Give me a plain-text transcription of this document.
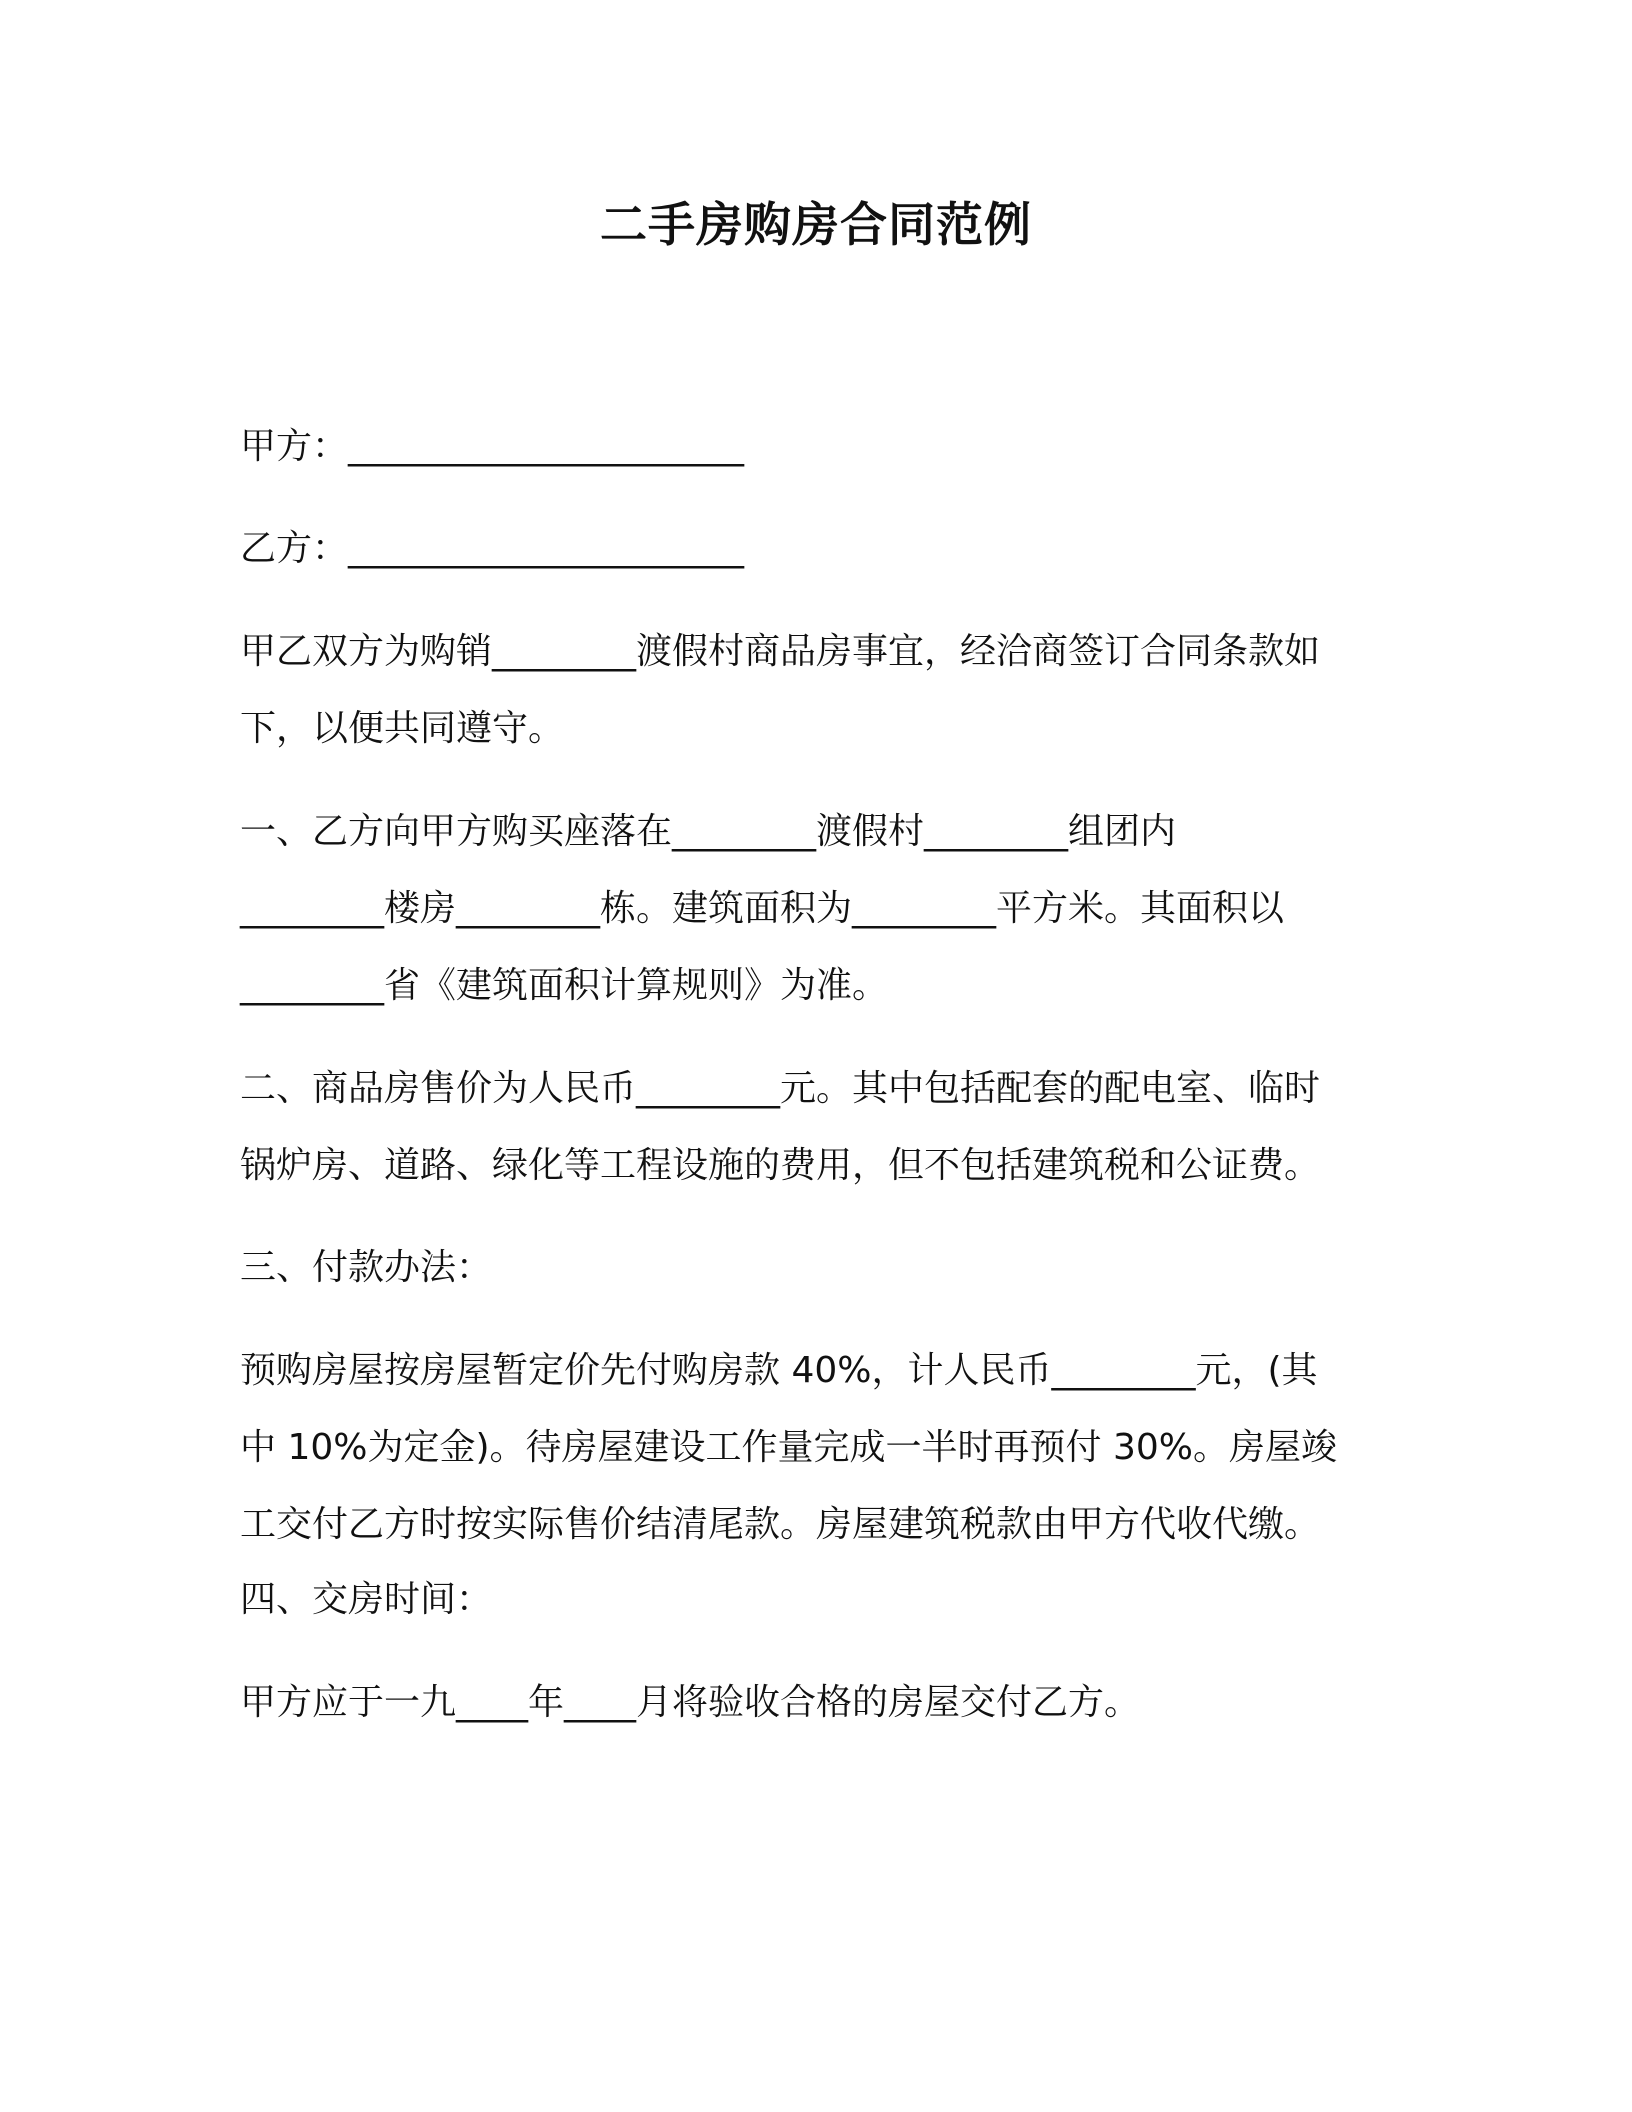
二手房购房合同范例

甲方：______________________

乙方：______________________

甲乙双方为购销________渡假村商品房事宜，经洽商签订合同条款如

下，以便共同遵守。

一、乙方向甲方购买座落在________渡假村________组团内

________楼房________栋。建筑面积为________平方米。其面积以

________省《建筑面积计算规则》为准。

二、商品房售价为人民币________元。其中包括配套的配电室、临时

锅炉房、道路、绿化等工程设施的费用，但不包括建筑税和公证费。

三、付款办法：

预购房屋按房屋暂定价先付购房款 40%，计人民币________元，(其

中 10%为定金)。待房屋建设工作量完成一半时再预付 30%。房屋竣

工交付乙方时按实际售价结清尾款。房屋建筑税款由甲方代收代缴。

四、交房时间：

甲方应于一九____年____月将验收合格的房屋交付乙方。
